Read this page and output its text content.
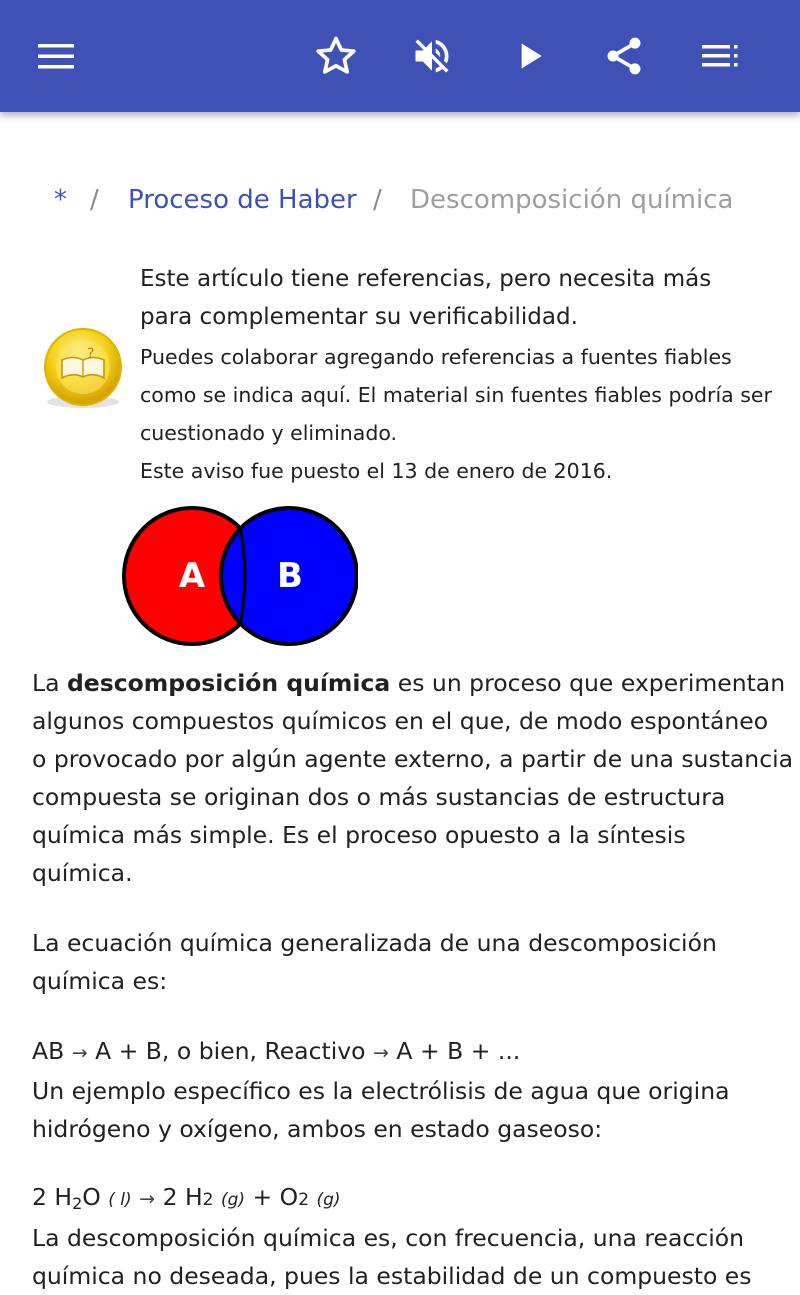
* / Proceso de Haber / Descomposición química
?
Este artículo tiene referencias, pero necesita más
para complementar su verificabilidad.
Puedes colaborar agregando referencias a fuentes fiables
como se indica aquí. El material sin fuentes fiables podría ser
cuestionado y eliminado.
Este aviso fue puesto el 13 de enero de 2016.
A B
La descomposición química es un proceso que experimentan
algunos compuestos químicos en el que, de modo espontáneo
o provocado por algún agente externo, a partir de una sustancia
compuesta se originan dos o más sustancias de estructura
química más simple. Es el proceso opuesto a la síntesis
química.
La ecuación química generalizada de una descomposición
química es:
AB → A + B, o bien, Reactivo → A + B + ...
Un ejemplo específico es la electrólisis de agua que origina
hidrógeno y oxígeno, ambos en estado gaseoso:
2 $H_2O$ ( l) → 2 H2 (g) + O2 (g)
La descomposición química es, con frecuencia, una reacción
química no deseada, pues la estabilidad de un compuesto es
